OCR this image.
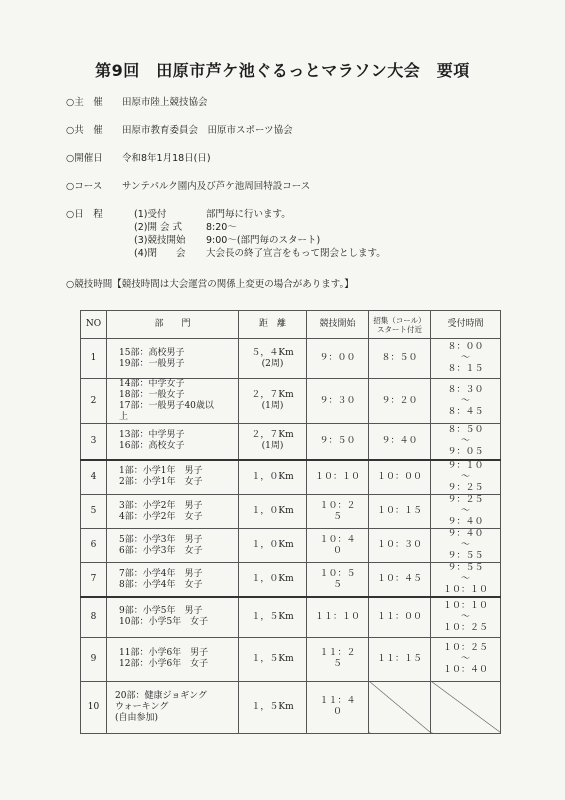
第9回　田原市芦ケ池ぐるっとマラソン大会　要項
○主　催 田原市陸上競技協会
○共　催 田原市教育委員会　田原市スポーツ協会
○開催日 令和8年1月18日(日)
○コース サンテパルク園内及び芦ケ池周回特設コース
○日　程	(1)受付	部門毎に行います。
(2)開 会 式	8:20～
(3)競技開始 9:00～(部門毎のスタート)
(4)閉　　会 大会長の終了宣言をもって閉会とします。
○競技時間【競技時間は大会運営の関係上変更の場合があります。】
NO	部　　門	距　離	競技開始	招集（コール）
スタート付近	受付時間
1	15部：高校男子
19部：一般男子	５，４Km
(2周)	９：００	８：５０	８：００
～
８：１５
2	14部：中学女子
18部：一般女子
17部：一般男子40歳以
上	２，７Km
(1周)	９：３０	９：２０	８：３０
～
８：４５
3	13部：中学男子
16部：高校女子	２，７Km
(1周)	９：５０	９：４０	８：５０
～
９：０５
4	1部：小学1年　男子
2部：小学1年　女子	１，０Km	１０：１０	１０：００	９：１０
～
９：２５
5	3部：小学2年　男子
4部：小学2年　女子	１，０Km	１０：２
５	１０：１５	９：２５
～
９：４０
6	5部：小学3年　男子
6部：小学3年　女子	１，０Km	１０：４
０	１０：３０	９：４０
～
９：５５
7	7部：小学4年　男子
8部：小学4年　女子	１，０Km	１０：５
５	１０：４５	９：５５
～
１０：１０
8	9部：小学5年　男子
10部：小学5年　女子	１，５Km	１１：１０	１１：００	１０：１０
～
１０：２５
9	11部：小学6年　男子
12部：小学6年　女子	１，５Km	１１：２
５	１１：１５	１０：２５
～
１０：４０
10	20部：健康ジョギング
ウォーキング
(自由参加)	１，５Km	１１：４
０		
